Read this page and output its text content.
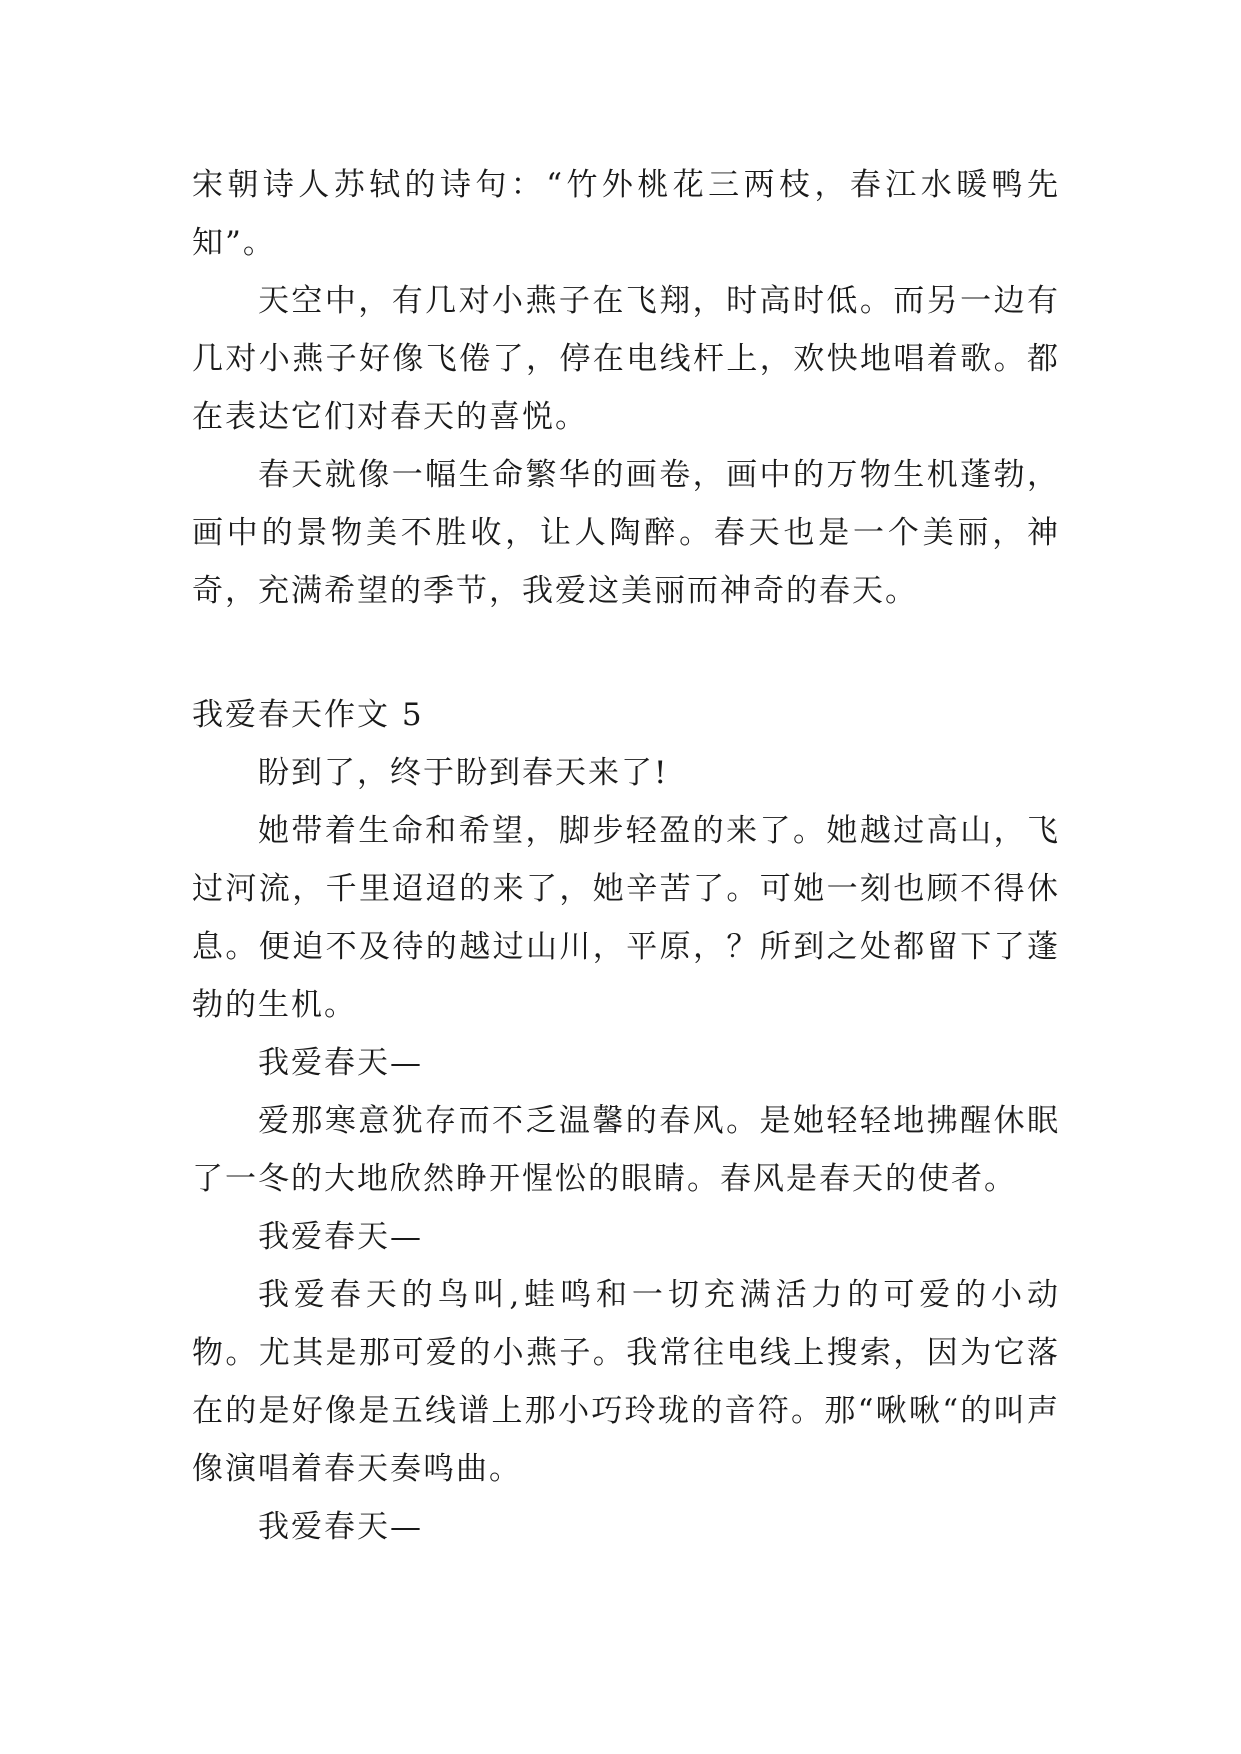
宋朝诗人苏轼的诗句：“竹外桃花三两枝，春江水暖鸭先知”。

天空中，有几对小燕子在飞翔，时高时低。而另一边有几对小燕子好像飞倦了，停在电线杆上，欢快地唱着歌。都在表达它们对春天的喜悦。

春天就像一幅生命繁华的画卷，画中的万物生机蓬勃，画中的景物美不胜收，让人陶醉。春天也是一个美丽，神奇，充满希望的季节，我爱这美丽而神奇的春天。

我爱春天作文 5

盼到了，终于盼到春天来了!

她带着生命和希望，脚步轻盈的来了。她越过高山，飞过河流，千里迢迢的来了，她辛苦了。可她一刻也顾不得休息。便迫不及待的越过山川，平原，？所到之处都留下了蓬勃的生机。

我爱春天—

爱那寒意犹存而不乏温馨的春风。是她轻轻地拂醒休眠了一冬的大地欣然睁开惺忪的眼睛。春风是春天的使者。

我爱春天—

我爱春天的鸟叫,蛙鸣和一切充满活力的可爱的小动物。尤其是那可爱的小燕子。我常往电线上搜索，因为它落在的是好像是五线谱上那小巧玲珑的音符。那“啾啾“的叫声像演唱着春天奏鸣曲。

我爱春天—
